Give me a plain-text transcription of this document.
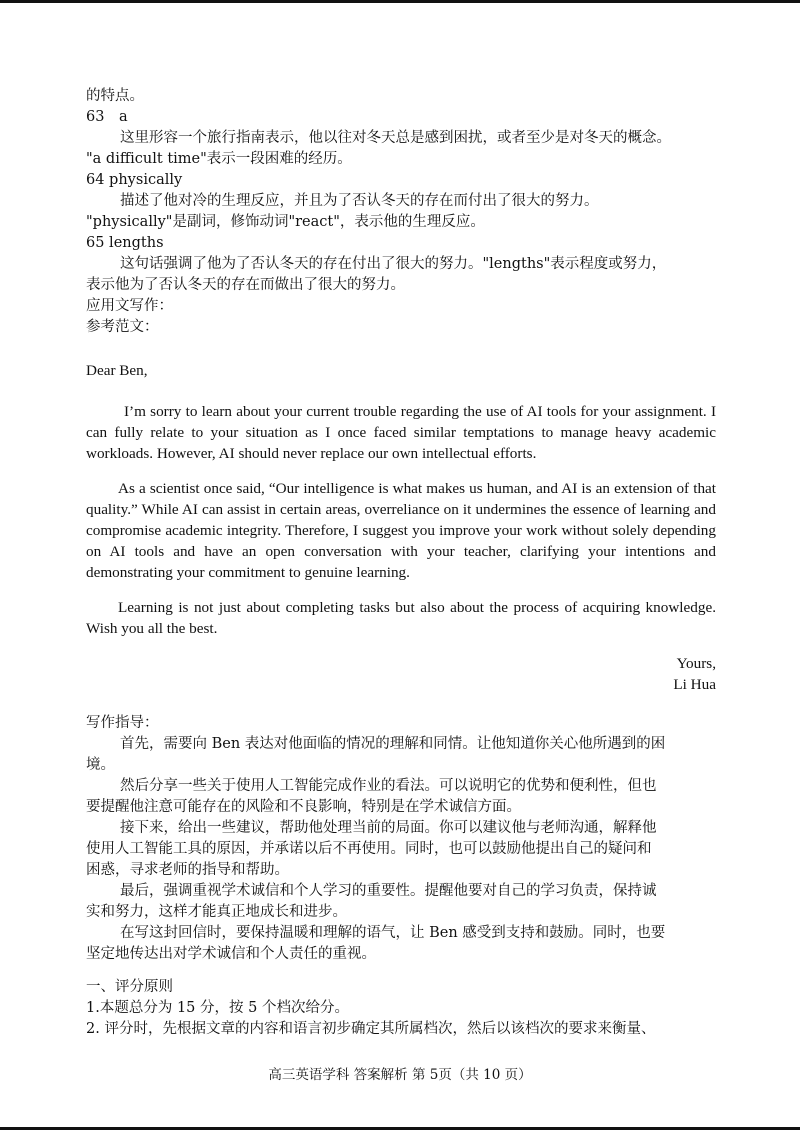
的特点。
63　a
这里形容一个旅行指南表示，他以往对冬天总是感到困扰，或者至少是对冬天的概念。
"a difficult time"表示一段困难的经历。
64 physically
描述了他对冷的生理反应，并且为了否认冬天的存在而付出了很大的努力。
"physically"是副词，修饰动词"react"，表示他的生理反应。
65 lengths
这句话强调了他为了否认冬天的存在付出了很大的努力。"lengths"表示程度或努力，
表示他为了否认冬天的存在而做出了很大的努力。
应用文写作：
参考范文：
Dear Ben,

I’m sorry to learn about your current trouble regarding the use of AI tools for your assignment. I can fully relate to your situation as I once faced similar temptations to manage heavy academic workloads. However, AI should never replace our own intellectual efforts.

As a scientist once said, “Our intelligence is what makes us human, and AI is an extension of that quality.” While AI can assist in certain areas, overreliance on it undermines the essence of learning and compromise academic integrity. Therefore, I suggest you improve your work without solely depending on AI tools and have an open conversation with your teacher, clarifying your intentions and demonstrating your commitment to genuine learning.

Learning is not just about completing tasks but also about the process of acquiring knowledge. Wish you all the best.

Yours,
Li Hua
写作指导：
首先，需要向 Ben 表达对他面临的情况的理解和同情。让他知道你关心他所遇到的困
境。
然后分享一些关于使用人工智能完成作业的看法。可以说明它的优势和便利性，但也
要提醒他注意可能存在的风险和不良影响，特别是在学术诚信方面。
接下来，给出一些建议，帮助他处理当前的局面。你可以建议他与老师沟通，解释他
使用人工智能工具的原因，并承诺以后不再使用。同时，也可以鼓励他提出自己的疑问和
困惑，寻求老师的指导和帮助。
最后，强调重视学术诚信和个人学习的重要性。提醒他要对自己的学习负责，保持诚
实和努力，这样才能真正地成长和进步。
在写这封回信时，要保持温暖和理解的语气，让 Ben 感受到支持和鼓励。同时，也要
坚定地传达出对学术诚信和个人责任的重视。
一、评分原则
1.本题总分为 15 分，按 5 个档次给分。
2. 评分时，先根据文章的内容和语言初步确定其所属档次，然后以该档次的要求来衡量、
高三英语学科 答案解析 第 5页（共 10 页）
